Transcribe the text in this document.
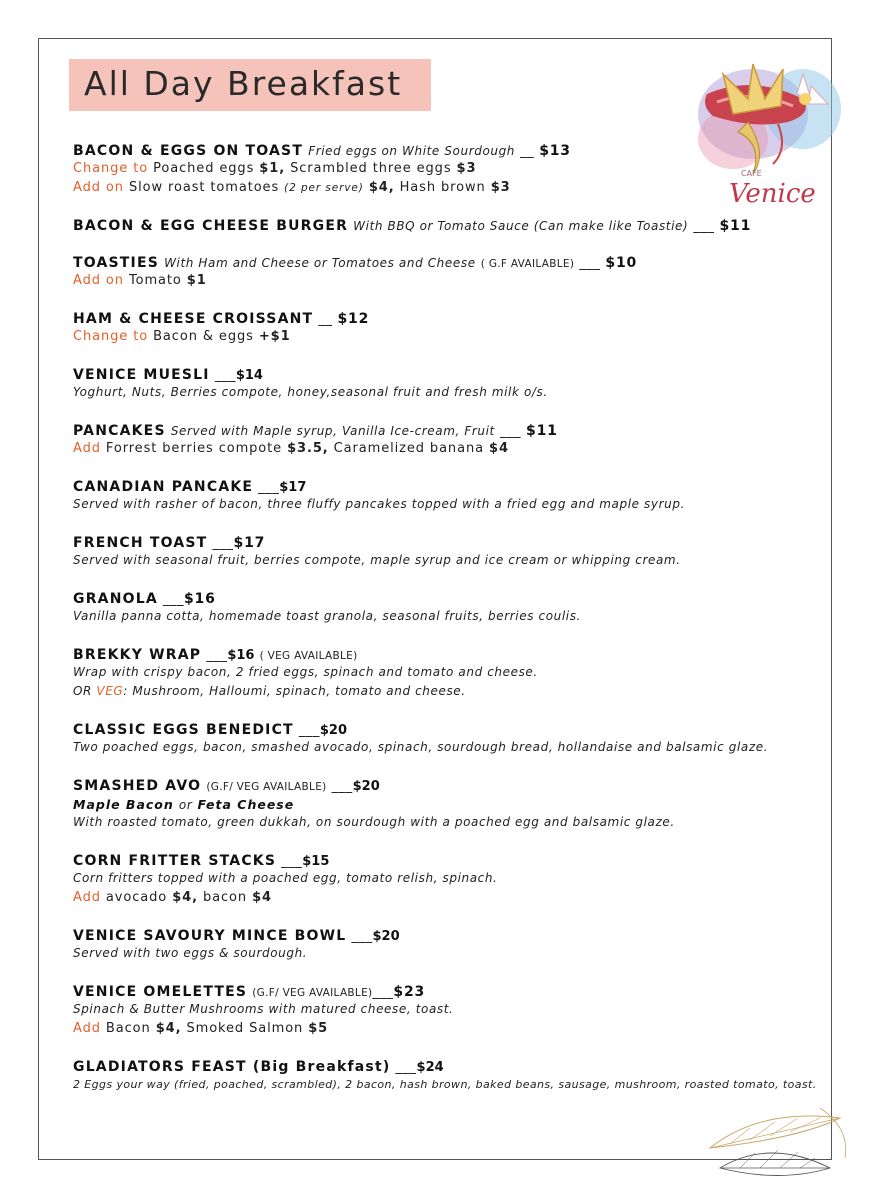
All Day Breakfast
CAFE
Venice
BACON & EGGS ON TOAST Fried eggs on White Sourdough __ $13
Change to Poached eggs $1, Scrambled three eggs $3
Add on Slow roast tomatoes (2 per serve) $4, Hash brown $3
BACON & EGG CHEESE BURGER With BBQ or Tomato Sauce (Can make like Toastie) ___ $11
TOASTIES With Ham and Cheese or Tomatoes and Cheese ( G.F AVAILABLE) ___ $10
Add on Tomato $1
HAM & CHEESE CROISSANT __ $12
Change to Bacon & eggs +$1
VENICE MUESLI ___$14
Yoghurt, Nuts, Berries compote, honey,seasonal fruit and fresh milk o/s.
PANCAKES Served with Maple syrup, Vanilla Ice-cream, Fruit ___ $11
Add Forrest berries compote $3.5, Caramelized banana $4
CANADIAN PANCAKE ___$17
Served with rasher of bacon, three fluffy pancakes topped with a fried egg and maple syrup.
FRENCH TOAST ___$17
Served with seasonal fruit, berries compote, maple syrup and ice cream or whipping cream.
GRANOLA ___$16
Vanilla panna cotta, homemade toast granola, seasonal fruits, berries coulis.
BREKKY WRAP ___$16 ( VEG AVAILABLE)
Wrap with crispy bacon, 2 fried eggs, spinach and tomato and cheese.
OR VEG: Mushroom, Halloumi, spinach, tomato and cheese.
CLASSIC EGGS BENEDICT ___$20
Two poached eggs, bacon, smashed avocado, spinach, sourdough bread, hollandaise and balsamic glaze.
SMASHED AVO (G.F/ VEG AVAILABLE) ___$20
Maple Bacon or Feta Cheese
With roasted tomato, green dukkah, on sourdough with a poached egg and balsamic glaze.
CORN FRITTER STACKS ___$15
Corn fritters topped with a poached egg, tomato relish, spinach.
Add avocado $4, bacon $4
VENICE SAVOURY MINCE BOWL ___$20
Served with two eggs & sourdough.
VENICE OMELETTES (G.F/ VEG AVAILABLE)___$23
Spinach & Butter Mushrooms with matured cheese, toast.
Add Bacon $4, Smoked Salmon $5
GLADIATORS FEAST (Big Breakfast) ___$24
2 Eggs your way (fried, poached, scrambled), 2 bacon, hash brown, baked beans, sausage, mushroom, roasted tomato, toast.
